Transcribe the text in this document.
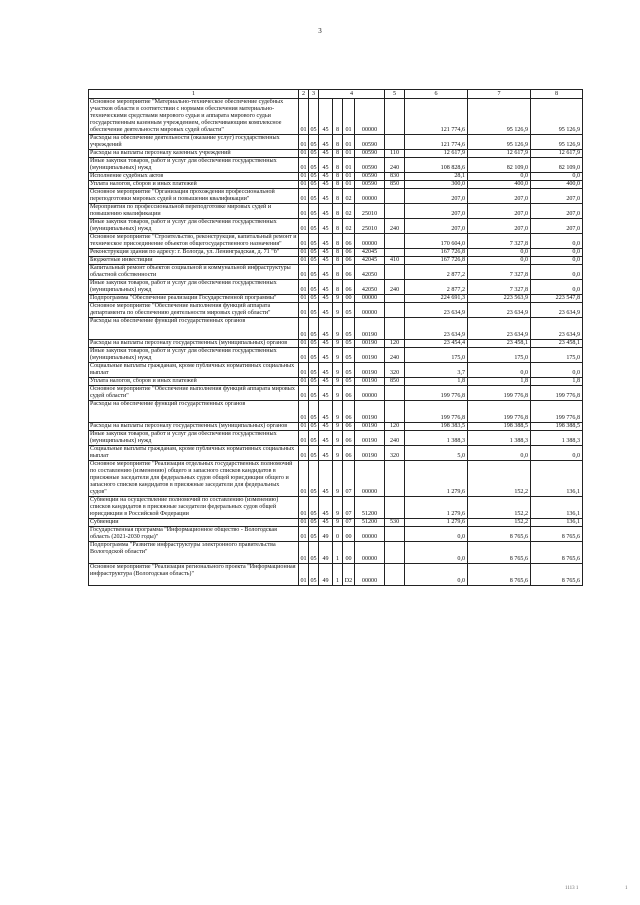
3
1	2	3	4				5	6	7	8
Основное мероприятие "Материально-техническое обеспечение судебных участков области в соответствии с нормами обеспечения материально-техническими средствами мирового судьи и аппарата мирового судьи государственным казенным учреждением, обеспечивающим комплексное обеспечение деятельности мировых судей области"	01	05	45	8	01	00000		121 774,6	95 126,9	95 126,9
Расходы на обеспечение деятельности (оказание услуг) государственных учреждений	01	05	45	8	01	00590		121 774,6	95 126,9	95 126,9
Расходы на выплаты персоналу казенных учреждений	01	05	45	8	01	00590	110	12 617,9	12 617,9	12 617,9
Иные закупки товаров, работ и услуг для обеспечения государственных (муниципальных) нужд	01	05	45	8	01	00590	240	108 828,6	82 109,0	82 109,0
Исполнение судебных актов	01	05	45	8	01	00590	830	28,1	0,0	0,0
Уплата налогов, сборов и иных платежей	01	05	45	8	01	00590	850	300,0	400,0	400,0
Основное мероприятие "Организация прохождения профессиональной переподготовки мировых судей и повышения квалификации"	01	05	45	8	02	00000		207,0	207,0	207,0
Мероприятия по профессиональной переподготовке мировых судей и повышению квалификации	01	05	45	8	02	25010		207,0	207,0	207,0
Иные закупки товаров, работ и услуг для обеспечения государственных (муниципальных) нужд	01	05	45	8	02	25010	240	207,0	207,0	207,0
Основное мероприятие "Строительство, реконструкция, капитальный ремонт и техническое присоединение объектов общегосударственного назначения"	01	05	45	8	06	00000		170 604,0	7 327,8	0,0
Реконструкция здания по адресу: г. Вологда, ул. Ленинградская, д. 71 "б"	01	05	45	8	06	42045		167 726,8	0,0	0,0
Бюджетные инвестиции	01	05	45	8	06	42045	410	167 726,8	0,0	0,0
Капитальный ремонт объектов социальной и коммунальной инфраструктуры областной собственности	01	05	45	8	06	42050		2 877,2	7 327,8	0,0
Иные закупки товаров, работ и услуг для обеспечения государственных (муниципальных) нужд	01	05	45	8	06	42050	240	2 877,2	7 327,8	0,0
Подпрограмма "Обеспечение реализации Государственной программы"	01	05	45	9	00	00000		224 691,3	223 563,9	223 547,8
Основное мероприятие "Обеспечение выполнения функций аппарата департамента по обеспечению деятельности мировых судей области"	01	05	45	9	05	00000		23 634,9	23 634,9	23 634,9
Расходы на обеспечение функций государственных органов	01	05	45	9	05	00190		23 634,9	23 634,9	23 634,9
Расходы на выплаты персоналу государственных (муниципальных) органов	01	05	45	9	05	00190	120	23 454,4	23 458,1	23 458,1
Иные закупки товаров, работ и услуг для обеспечения государственных (муниципальных) нужд	01	05	45	9	05	00190	240	175,0	175,0	175,0
Социальные выплаты гражданам, кроме публичных нормативных социальных выплат	01	05	45	9	05	00190	320	3,7	0,0	0,0
Уплата налогов, сборов и иных платежей	01	05	45	9	05	00190	850	1,8	1,8	1,8
Основное мероприятие "Обеспечение выполнения функций аппарата мировых судей области"	01	05	45	9	06	00000		199 776,8	199 776,8	199 776,8
Расходы на обеспечение функций государственных органов	01	05	45	9	06	00190		199 776,8	199 776,8	199 776,8
Расходы на выплаты персоналу государственных (муниципальных) органов	01	05	45	9	06	00190	120	198 383,5	198 388,5	198 388,5
Иные закупки товаров, работ и услуг для обеспечения государственных (муниципальных) нужд	01	05	45	9	06	00190	240	1 388,3	1 388,3	1 388,3
Социальные выплаты гражданам, кроме публичных нормативных социальных выплат	01	05	45	9	06	00190	320	5,0	0,0	0,0
Основное мероприятие "Реализация отдельных государственных полномочий по составлению (изменению) общего и запасного списков кандидатов в присяжные заседатели для федеральных судов общей юрисдикции общего и запасного списков кандидатов в присяжные заседатели для федеральных судов"	01	05	45	9	07	00000		1 279,6	152,2	136,1
Субвенции на осуществление полномочий по составлению (изменению) списков кандидатов в присяжные заседатели федеральных судов общей юрисдикции в Российской Федерации	01	05	45	9	07	51200		1 279,6	152,2	136,1
Субвенции	01	05	45	9	07	51200	530	1 279,6	152,2	136,1
Государственная программа "Информационное общество - Вологодская область (2021-2030 годы)"	01	05	49	0	00	00000		0,0	8 765,6	8 765,6
Подпрограмма "Развитие инфраструктуры электронного правительства Вологодской области"	01	05	49	1	00	00000		0,0	8 765,6	8 765,6
Основное мероприятие "Реализация регионального проекта "Информационная инфраструктура (Вологодская область)"	01	05	49	1	D2	00000		0,0	8 765,6	8 765,6
1113 1	1
